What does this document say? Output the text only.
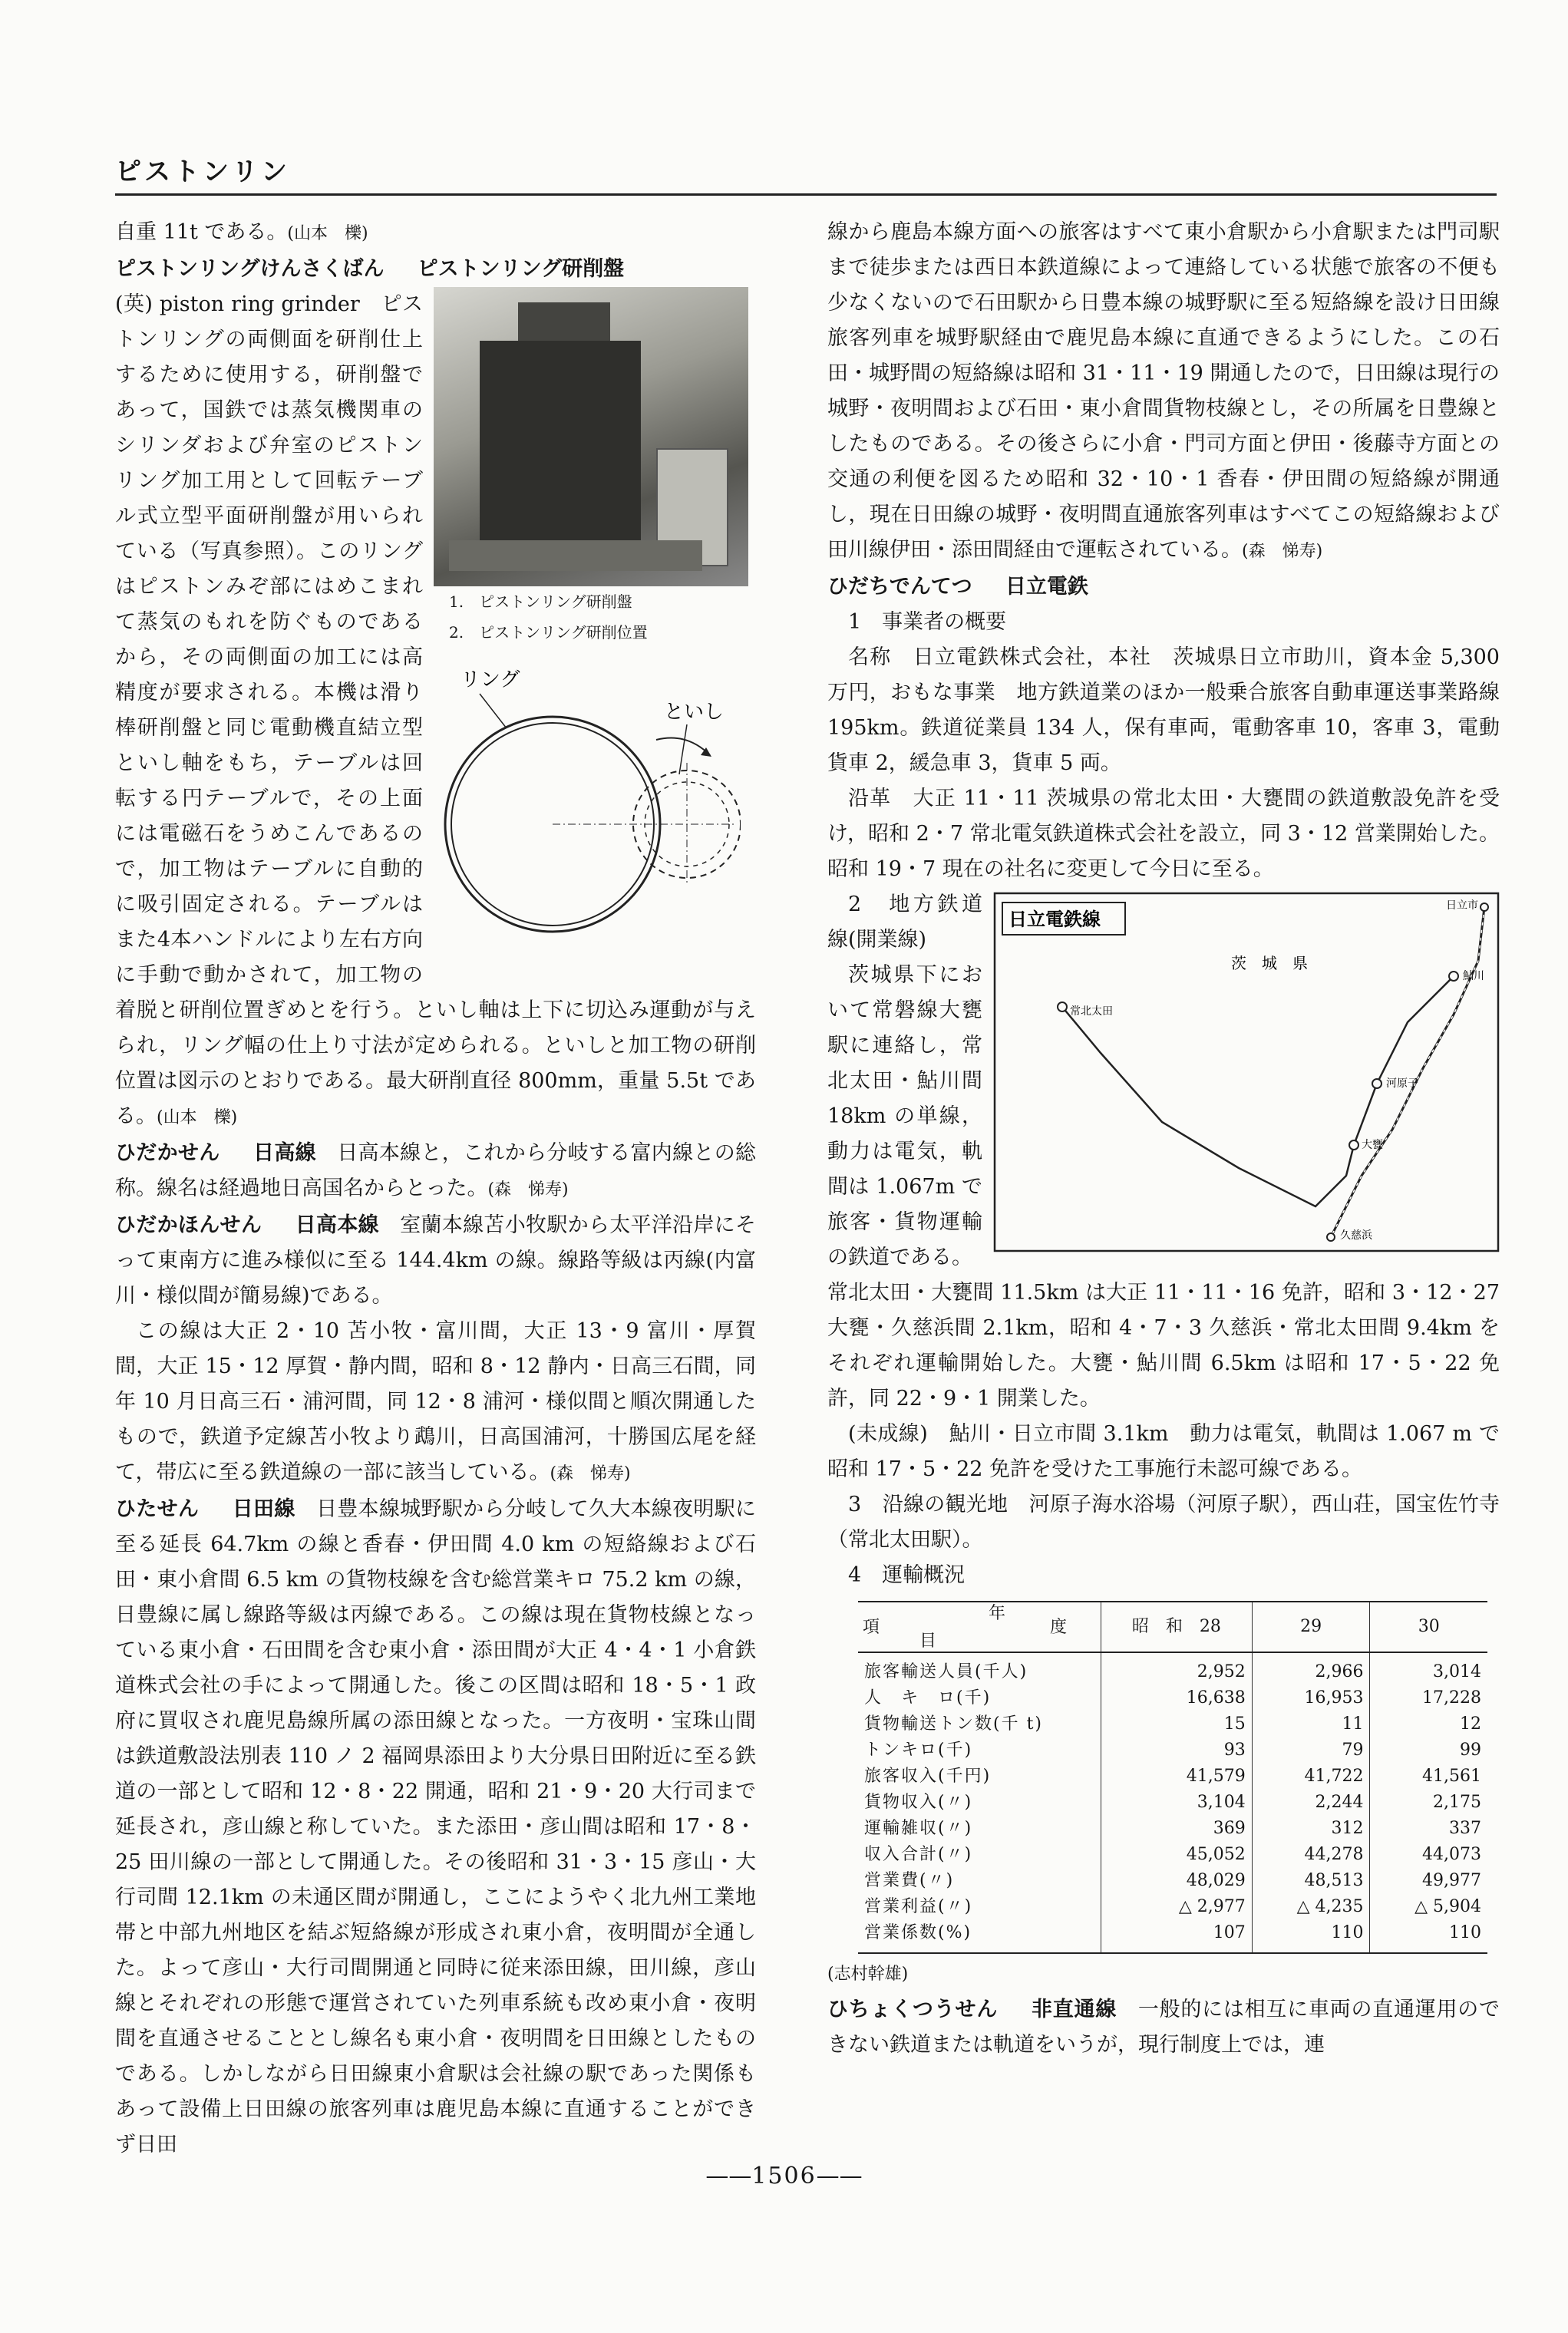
ピストンリン

自重 11t である。(山本　櫟)

ピストンリングけんさくばん ピストンリング研削盤

1.　ピストンリング研削盤
2.　ピストンリング研削位置
リング
といし

(英) piston ring grinder　ピストンリングの両側面を研削仕上するために使用する，研削盤であって，国鉄では蒸気機関車のシリンダおよび弁室のピストンリング加工用として回転テーブル式立型平面研削盤が用いられている（写真参照）。このリングはピストンみぞ部にはめこまれて蒸気のもれを防ぐものであるから，その両側面の加工には高精度が要求される。本機は滑り棒研削盤と同じ電動機直結立型といし軸をもち，テーブルは回転する円テーブルで，その上面には電磁石をうめこんであるので，加工物はテーブルに自動的に吸引固定される。テーブルはまた4本ハンドルにより左右方向に手動で動かされて，加工物の着脱と研削位置ぎめとを行う。といし軸は上下に切込み運動が与えられ，リング幅の仕上り寸法が定められる。といしと加工物の研削位置は図示のとおりである。最大研削直径 800mm，重量 5.5t である。(山本　櫟)

ひだかせん 日高線　 日高本線と，これから分岐する富内線との総称。線名は経過地日高国名からとった。(森　悌寿)

ひだかほんせん 日高本線　 室蘭本線苫小牧駅から太平洋沿岸にそって東南方に進み様似に至る 144.4km の線。線路等級は丙線(内富川・様似間が簡易線)である。

この線は大正 2・10 苫小牧・富川間，大正 13・9 富川・厚賀間，大正 15・12 厚賀・静内間，昭和 8・12 静内・日高三石間，同年 10 月日高三石・浦河間，同 12・8 浦河・様似間と順次開通したもので，鉄道予定線苫小牧より鵡川，日高国浦河，十勝国広尾を経て，帯広に至る鉄道線の一部に該当している。(森　悌寿)

ひたせん 日田線　 日豊本線城野駅から分岐して久大本線夜明駅に至る延長 64.7km の線と香春・伊田間 4.0 km の短絡線および石田・東小倉間 6.5 km の貨物枝線を含む総営業キロ 75.2 km の線，日豊線に属し線路等級は丙線である。この線は現在貨物枝線となっている東小倉・石田間を含む東小倉・添田間が大正 4・4・1 小倉鉄道株式会社の手によって開通した。後この区間は昭和 18・5・1 政府に買収され鹿児島線所属の添田線となった。一方夜明・宝珠山間は鉄道敷設法別表 110 ノ 2 福岡県添田より大分県日田附近に至る鉄道の一部として昭和 12・8・22 開通，昭和 21・9・20 大行司まで延長され，彦山線と称していた。また添田・彦山間は昭和 17・8・25 田川線の一部として開通した。その後昭和 31・3・15 彦山・大行司間 12.1km の未通区間が開通し，ここにようやく北九州工業地帯と中部九州地区を結ぶ短絡線が形成され東小倉，夜明間が全通した。よって彦山・大行司間開通と同時に従来添田線，田川線，彦山線とそれぞれの形態で運営されていた列車系統も改め東小倉・夜明間を直通させることとし線名も東小倉・夜明間を日田線としたものである。しかしながら日田線東小倉駅は会社線の駅であった関係もあって設備上日田線の旅客列車は鹿児島本線に直通することができず日田

線から鹿島本線方面への旅客はすべて東小倉駅から小倉駅または門司駅まで徒歩または西日本鉄道線によって連絡している状態で旅客の不便も少なくないので石田駅から日豊本線の城野駅に至る短絡線を設け日田線旅客列車を城野駅経由で鹿児島本線に直通できるようにした。この石田・城野間の短絡線は昭和 31・11・19 開通したので，日田線は現行の城野・夜明間および石田・東小倉間貨物枝線とし，その所属を日豊線としたものである。その後さらに小倉・門司方面と伊田・後藤寺方面との交通の利便を図るため昭和 32・10・1 香春・伊田間の短絡線が開通し，現在日田線の城野・夜明間直通旅客列車はすべてこの短絡線および田川線伊田・添田間経由で運転されている。(森　悌寿)

ひだちでんてつ 日立電鉄

1　事業者の概要

名称　日立電鉄株式会社，本社　茨城県日立市助川，資本金 5,300 万円，おもな事業　地方鉄道業のほか一般乗合旅客自動車運送事業路線 195km。鉄道従業員 134 人，保有車両，電動客車 10，客車 3，電動貨車 2，緩急車 3，貨車 5 両。

沿革　大正 11・11 茨城県の常北太田・大甕間の鉄道敷設免許を受け，昭和 2・7 常北電気鉄道株式会社を設立，同 3・12 営業開始した。昭和 19・7 現在の社名に変更して今日に至る。

日立電鉄線
茨　城　県
日立市
鮎川
河原子
大甕
久慈浜
常北太田

2　地方鉄道線(開業線)

茨城県下において常磐線大甕駅に連絡し，常北太田・鮎川間 18km の単線，動力は電気，軌間は 1.067m で旅客・貨物運輸の鉄道である。

常北太田・大甕間 11.5km は大正 11・11・16 免許，昭和 3・12・27 大甕・久慈浜間 2.1km，昭和 4・7・3 久慈浜・常北太田間 9.4km をそれぞれ運輸開始した。大甕・鮎川間 6.5km は昭和 17・5・22 免許，同 22・9・1 開業した。

(未成線)　鮎川・日立市間 3.1km　動力は電気，軌間は 1.067 m で昭和 17・5・22 免許を受けた工事施行未認可線である。

3　沿線の観光地　河原子海水浴場（河原子駅），西山荘，国宝佐竹寺（常北太田駅）。

4　運輸概況

年
度
項
目	昭　和　28	29	30
旅客輸送人員(千人)	2,952	2,966	3,014
人　キ　ロ(千)	16,638	16,953	17,228
貨物輸送トン数(千 t)	15	11	12
トンキロ(千)	93	79	99
旅客収入(千円)	41,579	41,722	41,561
貨物収入(〃)	3,104	2,244	2,175
運輸雑収(〃)	369	312	337
収入合計(〃)	45,052	44,278	44,073
営業費(〃)	48,029	48,513	49,977
営業利益(〃)	△ 2,977	△ 4,235	△ 5,904
営業係数(%)	107	110	110

(志村幹雄)

ひちょくつうせん 非直通線　 一般的には相互に車両の直通運用のできない鉄道または軌道をいうが，現行制度上では，連

——1506——
